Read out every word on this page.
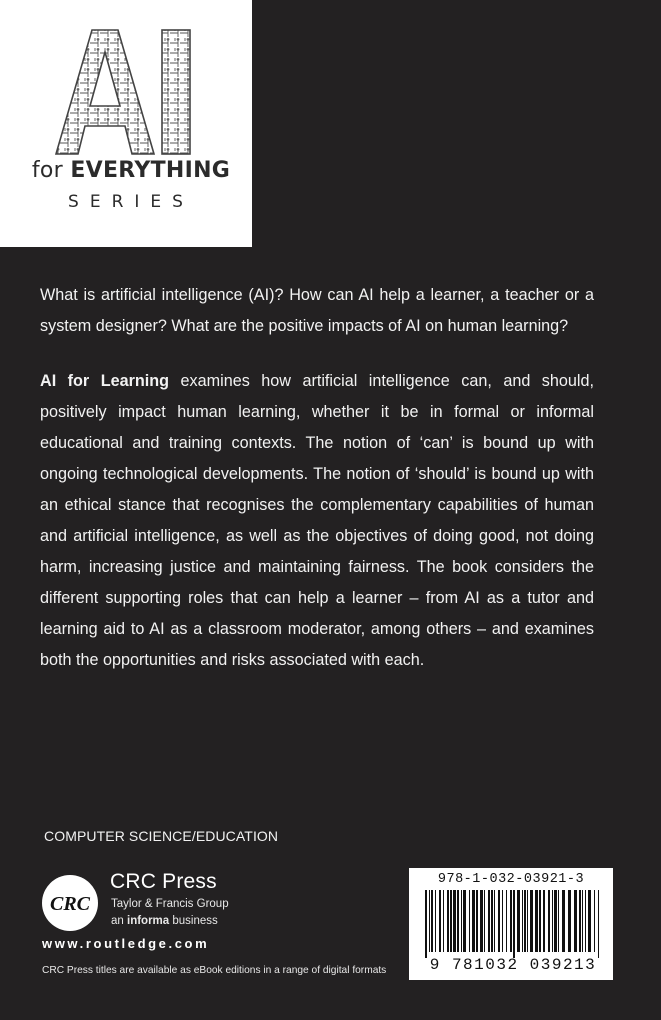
for EVERYTHING
SERIES

What is artificial intelligence (AI)? How can AI help a learner, a teacher or a system designer? What are the positive impacts of AI on human learning?

AI for Learning examines how artificial intelligence can, and should, positively impact human learning, whether it be in formal or informal educational and training contexts. The notion of ‘can’ is bound up with ongoing technological developments. The notion of ‘should’ is bound up with an ethical stance that recognises the complementary capabilities of human and artificial intelligence, as well as the objectives of doing good, not doing harm, increasing justice and maintaining fairness. The book considers the different supporting roles that can help a learner – from AI as a tutor and learning aid to AI as a classroom moderator, among others – and examines both the opportunities and risks associated with each.

COMPUTER SCIENCE/EDUCATION
CRC
CRC Press
Taylor & Francis Group
an informa business
www.routledge.com
CRC Press titles are available as eBook editions in a range of digital formats
978-1-032-03921-3
9 781032 039213
